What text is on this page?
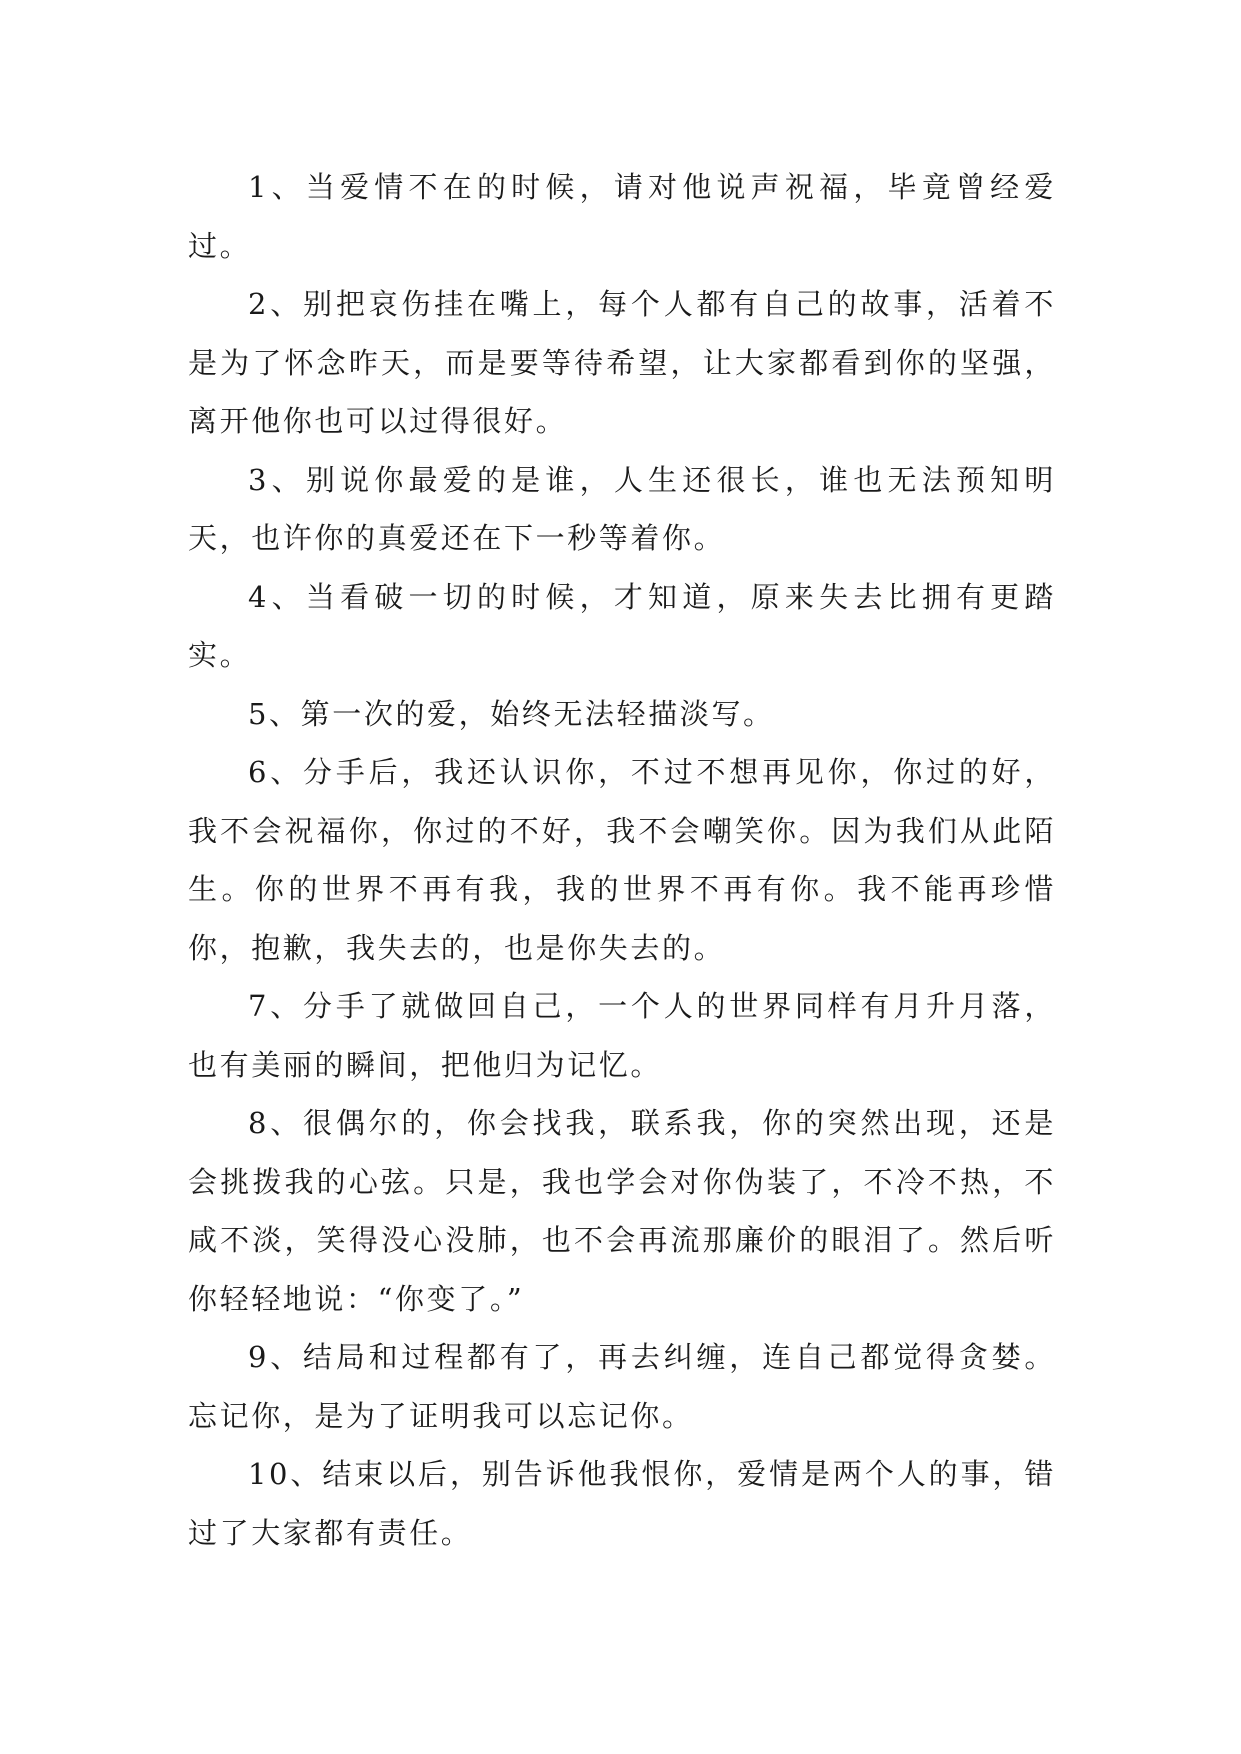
1、当爱情不在的时候，请对他说声祝福，毕竟曾经爱过。

2、别把哀伤挂在嘴上，每个人都有自己的故事，活着不是为了怀念昨天，而是要等待希望，让大家都看到你的坚强，离开他你也可以过得很好。

3、别说你最爱的是谁，人生还很长，谁也无法预知明天，也许你的真爱还在下一秒等着你。

4、当看破一切的时候，才知道，原来失去比拥有更踏实。

5、第一次的爱，始终无法轻描淡写。

6、分手后，我还认识你，不过不想再见你，你过的好，我不会祝福你，你过的不好，我不会嘲笑你。因为我们从此陌生。你的世界不再有我，我的世界不再有你。我不能再珍惜你，抱歉，我失去的，也是你失去的。

7、分手了就做回自己，一个人的世界同样有月升月落，也有美丽的瞬间，把他归为记忆。

8、很偶尔的，你会找我，联系我，你的突然出现，还是会挑拨我的心弦。只是，我也学会对你伪装了，不冷不热，不咸不淡，笑得没心没肺，也不会再流那廉价的眼泪了。然后听你轻轻地说：“你变了。”

9、结局和过程都有了，再去纠缠，连自己都觉得贪婪。忘记你，是为了证明我可以忘记你。

10、结束以后，别告诉他我恨你，爱情是两个人的事，错过了大家都有责任。
